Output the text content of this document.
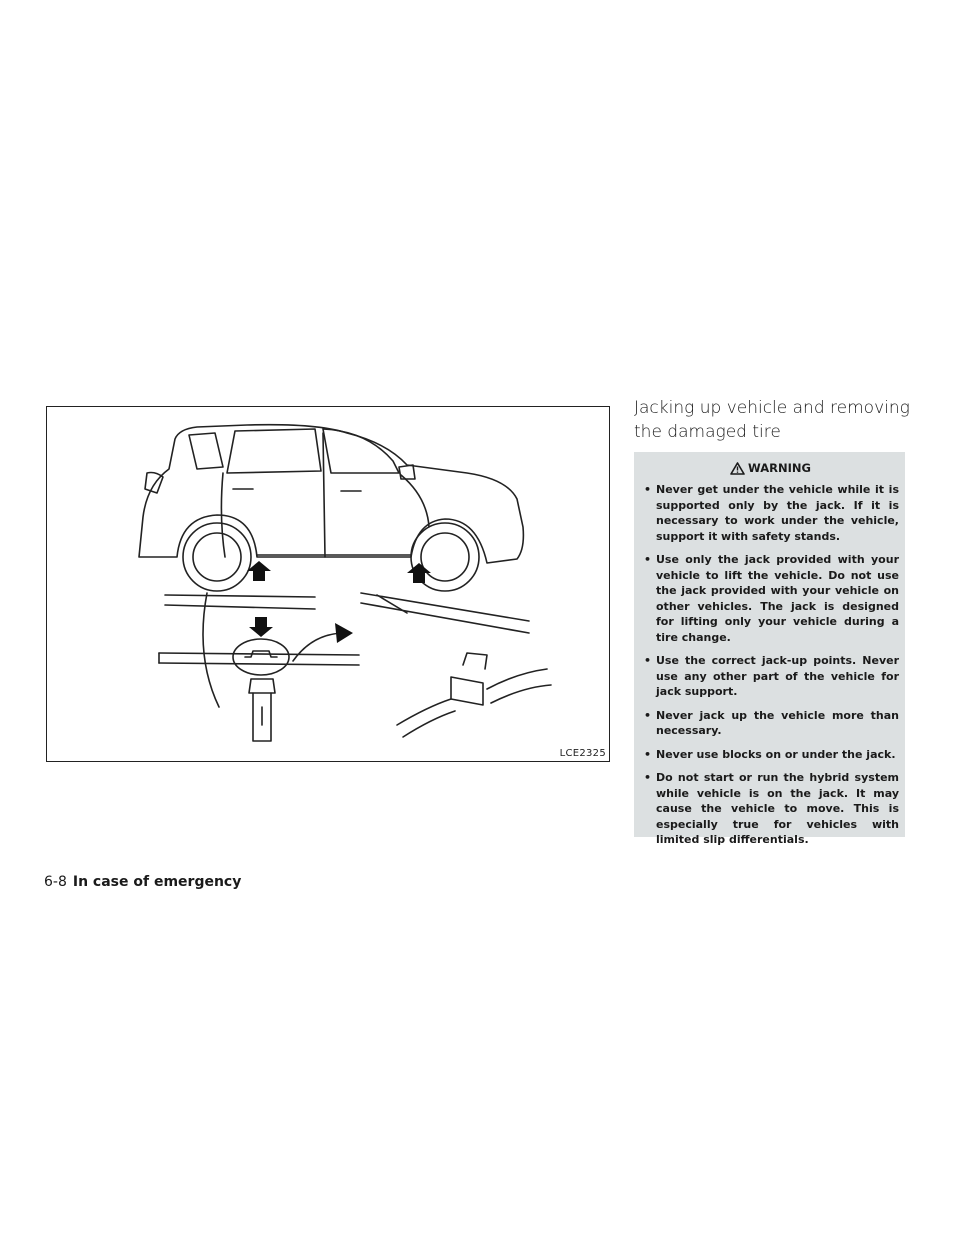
LCE2325
Jacking up vehicle and removing the damaged tire
WARNING
• Never get under the vehicle while it is supported only by the jack. If it is necessary to work under the vehicle, support it with safety stands.
• Use only the jack provided with your vehicle to lift the vehicle. Do not use the jack provided with your vehicle on other vehicles. The jack is designed for lifting only your vehicle during a tire change.
• Use the correct jack-up points. Never use any other part of the vehicle for jack support.
• Never jack up the vehicle more than necessary.
• Never use blocks on or under the jack.
• Do not start or run the hybrid system while vehicle is on the jack. It may cause the vehicle to move. This is especially true for vehicles with limited slip differentials.
6-8 In case of emergency
